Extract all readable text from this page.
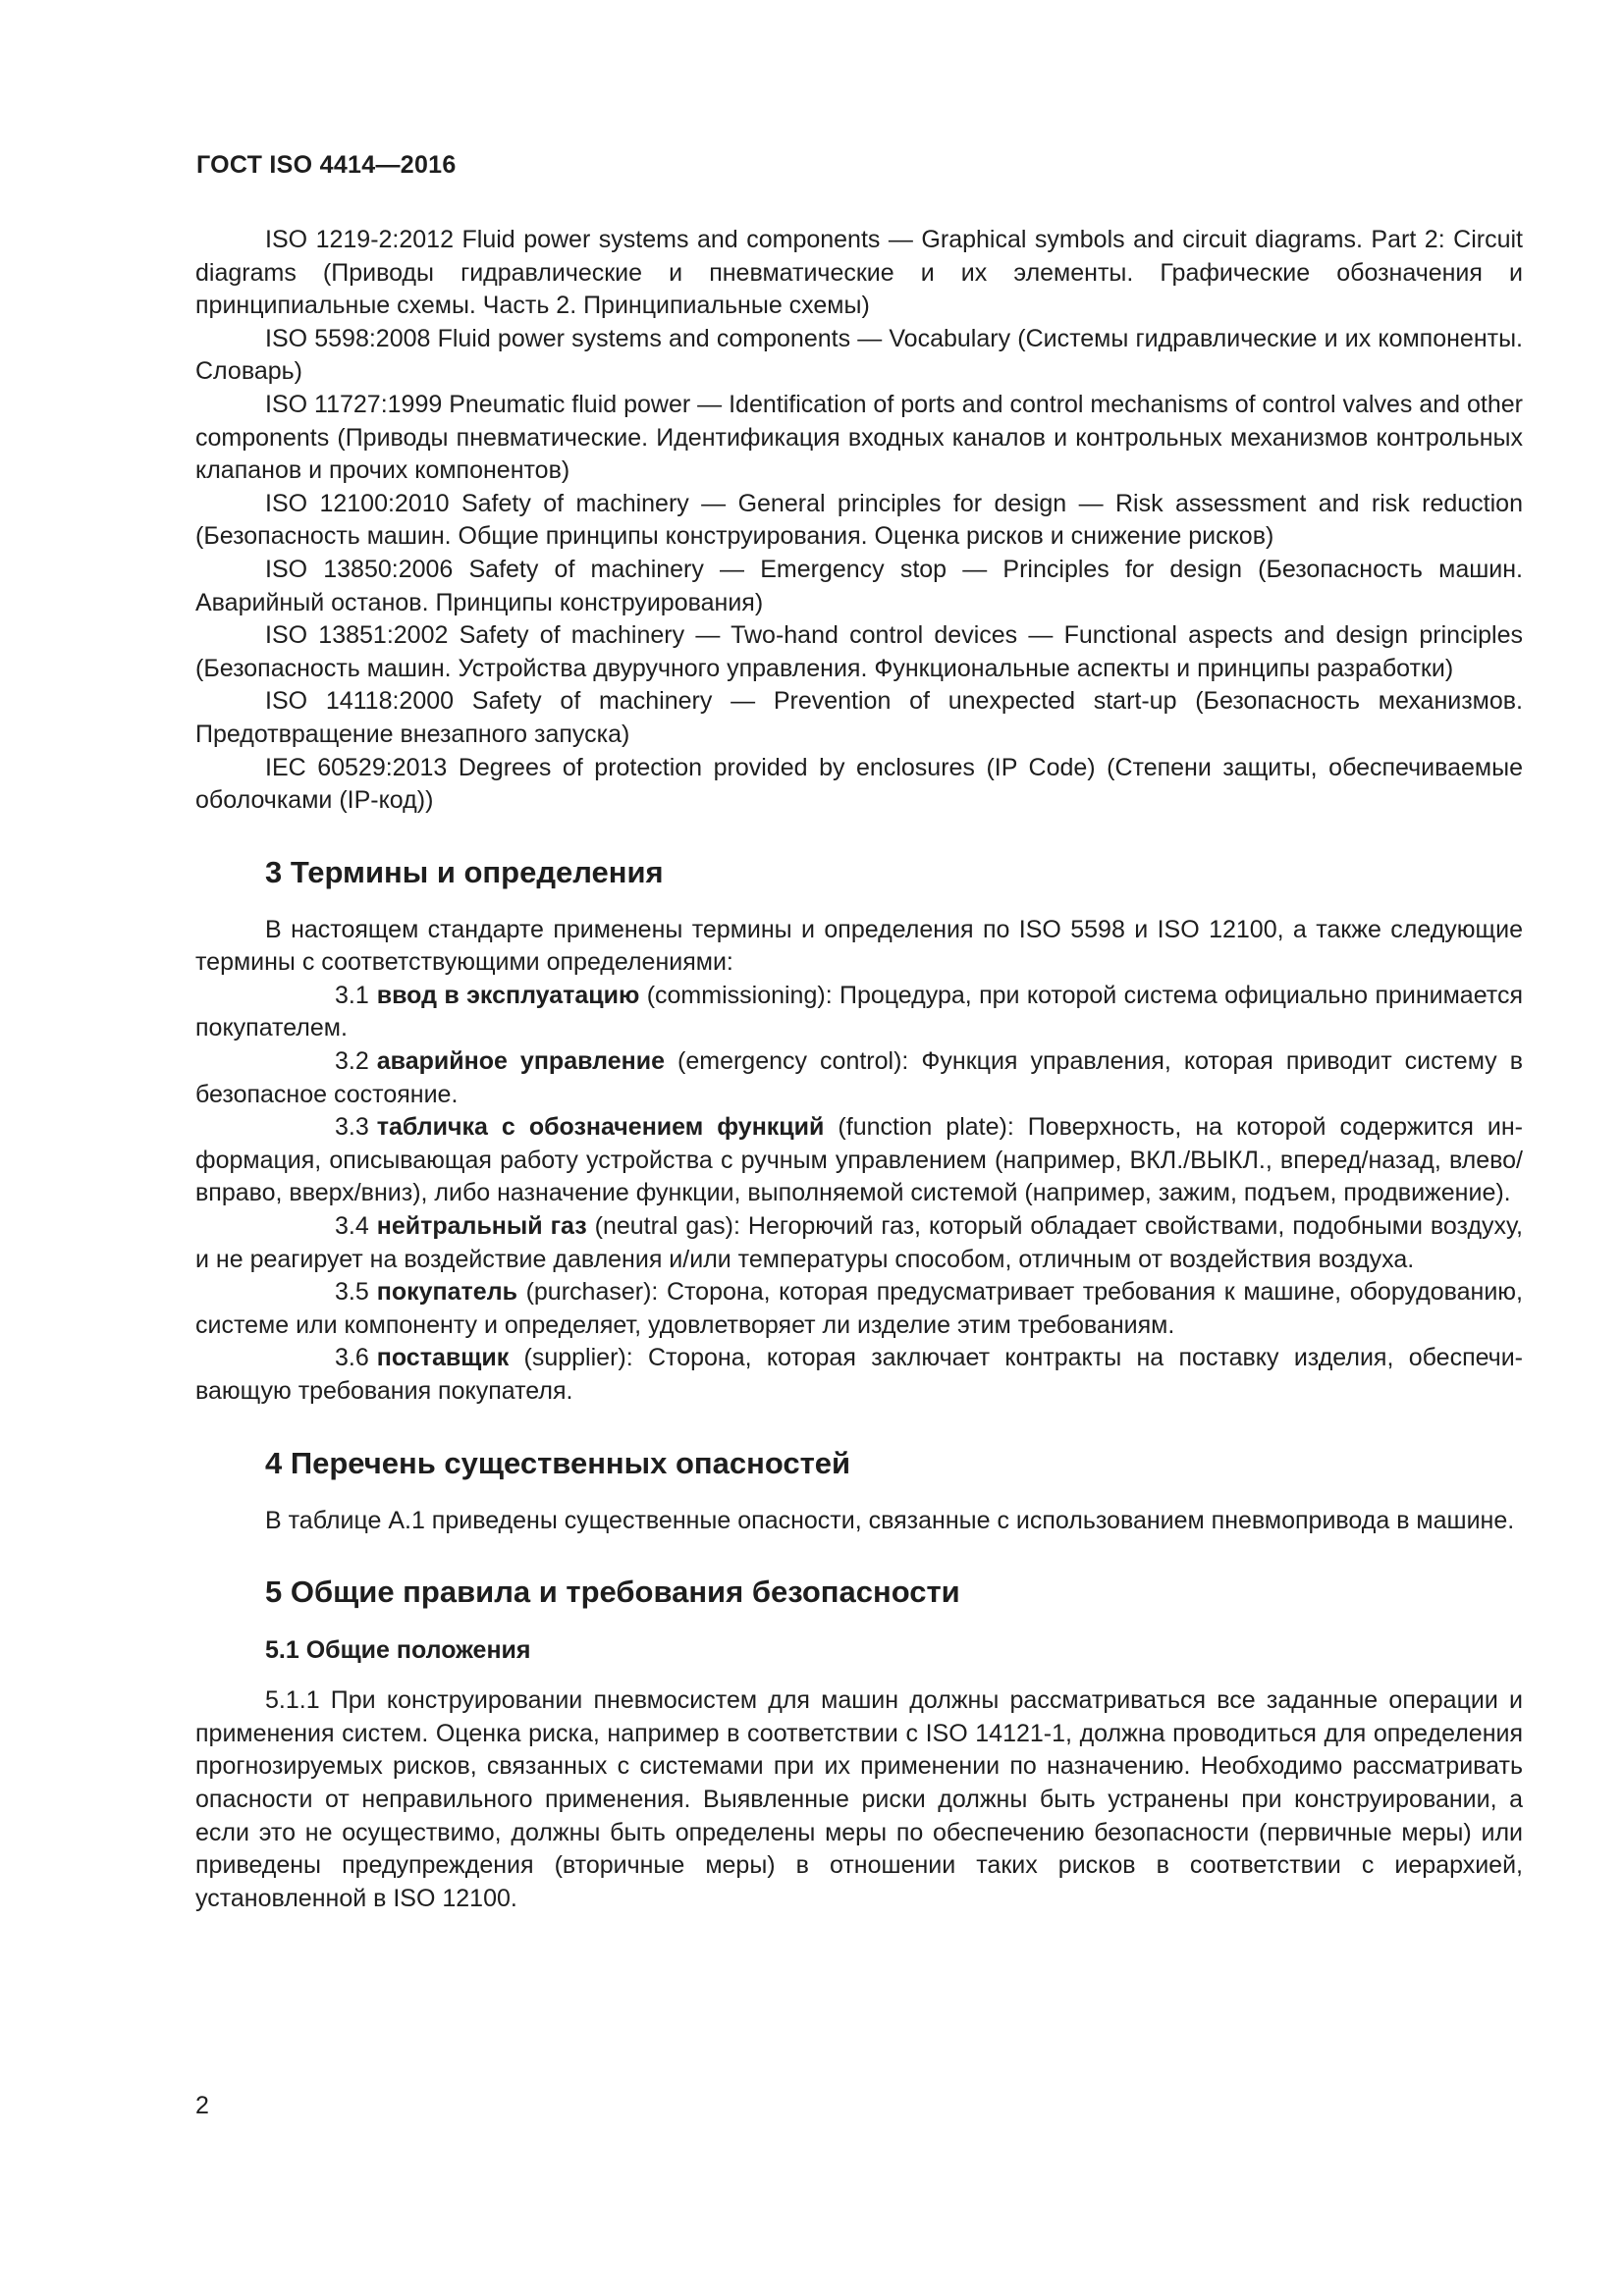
ГОСТ ISO 4414—2016

ISO 1219-2:2012 Fluid power systems and components — Graphical symbols and circuit diagrams. Part 2: Circuit diagrams (Приводы гидравлические и пневматические и их элементы. Графические обозначения и принципиальные схемы. Часть 2. Принципиальные схемы)

ISO 5598:2008 Fluid power systems and components — Vocabulary (Системы гидравлические и их компоненты. Словарь)

ISO 11727:1999 Pneumatic fluid power — Identification of ports and control mechanisms of control valves and other components (Приводы пневматические. Идентификация входных каналов и контрольных механизмов контрольных клапанов и прочих компонентов)

ISO 12100:2010 Safety of machinery — General principles for design — Risk assessment and risk reduction (Безопасность машин. Общие принципы конструирования. Оценка рисков и снижение рисков)

ISO 13850:2006 Safety of machinery — Emergency stop — Principles for design (Безопасность машин. Аварийный останов. Принципы конструирования)

ISO 13851:2002 Safety of machinery — Two-hand control devices — Functional aspects and design principles (Безопасность машин. Устройства двуручного управления. Функциональные аспекты и принципы разработки)

ISO 14118:2000 Safety of machinery — Prevention of unexpected start-up (Безопасность механизмов. Предотвращение внезапного запуска)

IEC 60529:2013 Degrees of protection provided by enclosures (IP Code) (Степени защиты, обеспечиваемые оболочками (IP-код))

3 Термины и определения

В настоящем стандарте применены термины и определения по ISO 5598 и ISO 12100, а также следующие термины с соответствующими определениями:

3.1 ввод в эксплуатацию (commissioning): Процедура, при которой система официально принимается покупателем.

3.2 аварийное управление (emergency control): Функция управления, которая приводит систему в безопасное состояние.

3.3 табличка с обозначением функций (function plate): Поверхность, на которой содержится информация, описывающая работу устройства с ручным управлением (например, ВКЛ./ВЫКЛ., вперед/назад, влево/вправо, вверх/вниз), либо назначение функции, выполняемой системой (например, зажим, подъем, продвижение).

3.4 нейтральный газ (neutral gas): Негорючий газ, который обладает свойствами, подобными воздуху, и не реагирует на воздействие давления и/или температуры способом, отличным от воздействия воздуха.

3.5 покупатель (purchaser): Сторона, которая предусматривает требования к машине, оборудованию, системе или компоненту и определяет, удовлетворяет ли изделие этим требованиям.

3.6 поставщик (supplier): Сторона, которая заключает контракты на поставку изделия, обеспечивающую требования покупателя.

4 Перечень существенных опасностей

В таблице А.1 приведены существенные опасности, связанные с использованием пневмопривода в машине.

5 Общие правила и требования безопасности
5.1 Общие положения

5.1.1 При конструировании пневмосистем для машин должны рассматриваться все заданные операции и применения систем. Оценка риска, например в соответствии с ISO 14121-1, должна проводиться для определения прогнозируемых рисков, связанных с системами при их применении по назначению. Необходимо рассматривать опасности от неправильного применения. Выявленные риски должны быть устранены при конструировании, а если это не осуществимо, должны быть определены меры по обеспечению безопасности (первичные меры) или приведены предупреждения (вторичные меры) в отношении таких рисков в соответствии с иерархией, установленной в ISO 12100.

2
